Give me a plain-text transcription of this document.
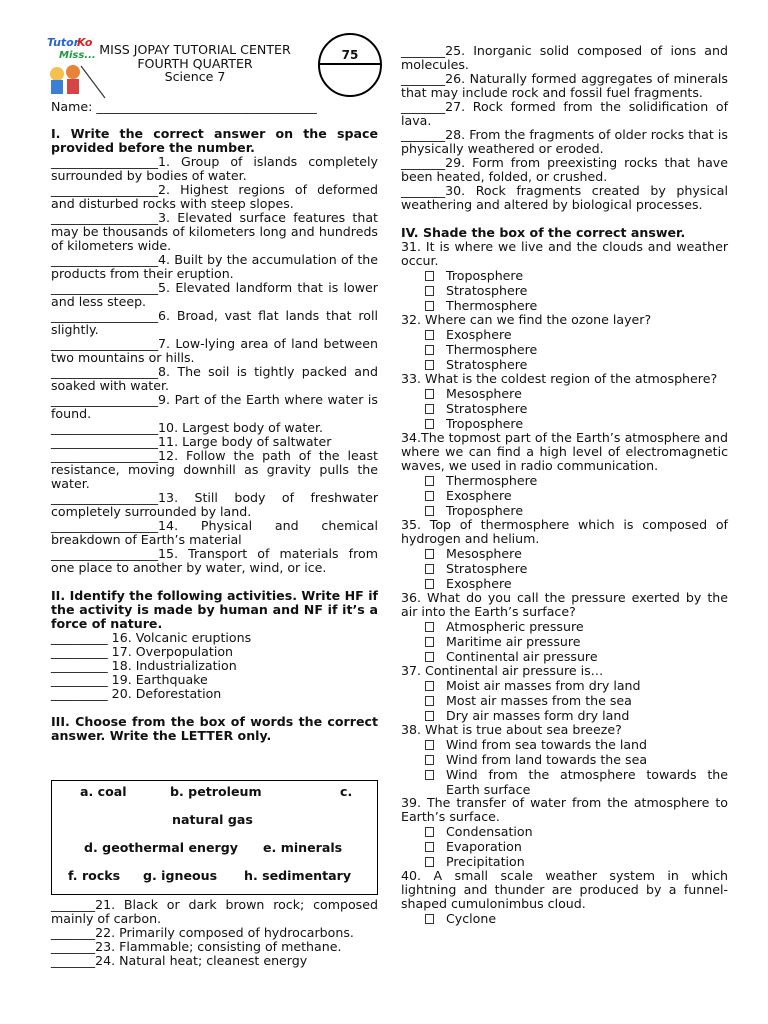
Tutor
Ko
Miss... MISS JOPAY TUTORIAL CENTER
FOURTH QUARTER
Science 7
75
Name: ___________________________________

I. Write the correct answer on the space provided before the number.

_________________1. Group of islands completely surrounded by bodies of water.

_________________2. Highest regions of deformed and disturbed rocks with steep slopes.

_________________3. Elevated surface features that may be thousands of kilometers long and hundreds of kilometers wide.

_________________4. Built by the accumulation of the products from their eruption.

_________________5. Elevated landform that is lower and less steep.

_________________6. Broad, vast flat lands that roll slightly.

_________________7. Low-lying area of land between two mountains or hills.

_________________8. The soil is tightly packed and soaked with water.

_________________9. Part of the Earth where water is found.

_________________10. Largest body of water.

_________________11. Large body of saltwater

_________________12. Follow the path of the least resistance, moving downhill as gravity pulls the water.

_________________13. Still body of freshwater completely surrounded by land.

_________________14. Physical and chemical breakdown of Earth’s material

_________________15. Transport of materials from one place to another by water, wind, or ice.

II. Identify the following activities. Write HF if the activity is made by human and NF if it’s a force of nature.

_________ 16. Volcanic eruptions

_________ 17. Overpopulation

_________ 18. Industrialization

_________ 19. Earthquake

_________ 20. Deforestation

III. Choose from the box of words the correct answer. Write the LETTER only.

a. coal	b. petroleum	c.
natural gas
d. geothermal energy e. minerals
f. rocks g. igneous h. sedimentary

_______21. Black or dark brown rock; composed mainly of carbon.

_______22. Primarily composed of hydrocarbons.

_______23. Flammable; consisting of methane.

_______24. Natural heat; cleanest energy

_______25. Inorganic solid composed of ions and molecules.

_______26. Naturally formed aggregates of minerals that may include rock and fossil fuel fragments.

_______27. Rock formed from the solidification of lava.

_______28. From the fragments of older rocks that is physically weathered or eroded.

_______29. Form from preexisting rocks that have been heated, folded, or crushed.

_______30. Rock fragments created by physical weathering and altered by biological processes.

IV. Shade the box of the correct answer.

31. It is where we live and the clouds and weather occur.

Troposphere
Stratosphere
Thermosphere

32. Where can we find the ozone layer?

Exosphere
Thermosphere
Stratosphere

33. What is the coldest region of the atmosphere?

Mesosphere
Stratosphere
Troposphere

34.The topmost part of the Earth’s atmosphere and where we can find a high level of electromagnetic waves, we used in radio communication.

Thermosphere
Exosphere
Troposphere

35. Top of thermosphere which is composed of hydrogen and helium.

Mesosphere
Stratosphere
Exosphere

36. What do you call the pressure exerted by the air into the Earth’s surface?

Atmospheric pressure
Maritime air pressure
Continental air pressure

37. Continental air pressure is…

Moist air masses from dry land
Most air masses from the sea
Dry air masses form dry land

38. What is true about sea breeze?

Wind from sea towards the land
Wind from land towards the sea
Wind from the atmosphere towards the Earth surface

39. The transfer of water from the atmosphere to Earth’s surface.

Condensation
Evaporation
Precipitation

40. A small scale weather system in which lightning and thunder are produced by a funnel-shaped cumulonimbus cloud.

Cyclone
